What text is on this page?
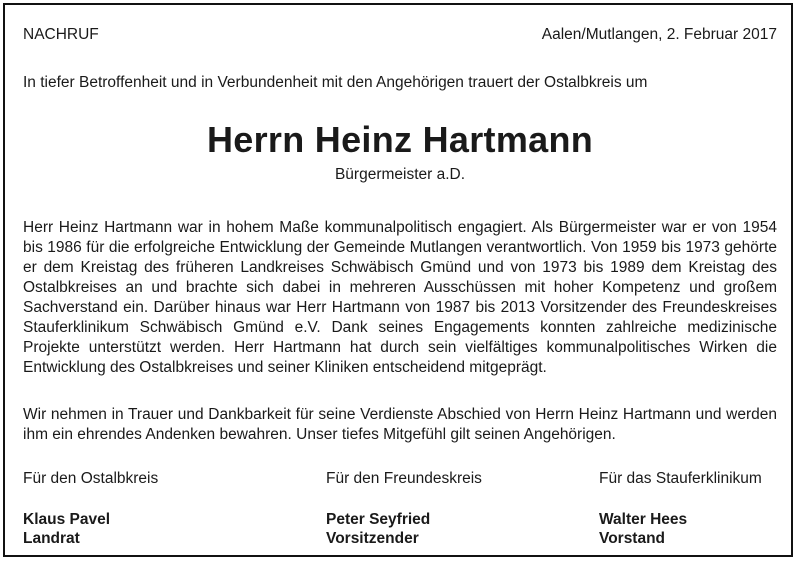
NACHRUF	Aalen/Mutlangen, 2. Februar 2017
In tiefer Betroffenheit und in Verbundenheit mit den Angehörigen trauert der Ostalbkreis um
Herrn Heinz Hartmann
Bürgermeister a.D.

Herr Heinz Hartmann war in hohem Maße kommunalpolitisch engagiert. Als Bürgermeister war er von 1954 bis 1986 für die erfolgreiche Entwicklung der Gemeinde Mutlangen verantwortlich. Von 1959 bis 1973 gehörte er dem Kreistag des früheren Landkreises Schwäbisch Gmünd und von 1973 bis 1989 dem Kreistag des Ostalbkreises an und brachte sich dabei in mehreren Ausschüssen mit hoher Kompetenz und großem Sachverstand ein. Darüber hinaus war Herr Hartmann von 1987 bis 2013 Vorsitzender des Freundeskreises Stauferklinikum Schwäbisch Gmünd e.V. Dank seines Engagements konnten zahlreiche medizinische Projekte unterstützt werden. Herr Hartmann hat durch sein vielfältiges kommunalpolitisches Wirken die Entwicklung des Ostalbkreises und seiner Kliniken entscheidend mitgeprägt.

Wir nehmen in Trauer und Dankbarkeit für seine Verdienste Abschied von Herrn Heinz Hartmann und werden ihm ein ehrendes Andenken bewahren. Unser tiefes Mitgefühl gilt seinen Angehörigen.

Für den Ostalbkreis
Klaus Pavel
Landrat
Für den Freundeskreis
Peter Seyfried
Vorsitzender
Für das Stauferklinikum
Walter Hees
Vorstand
